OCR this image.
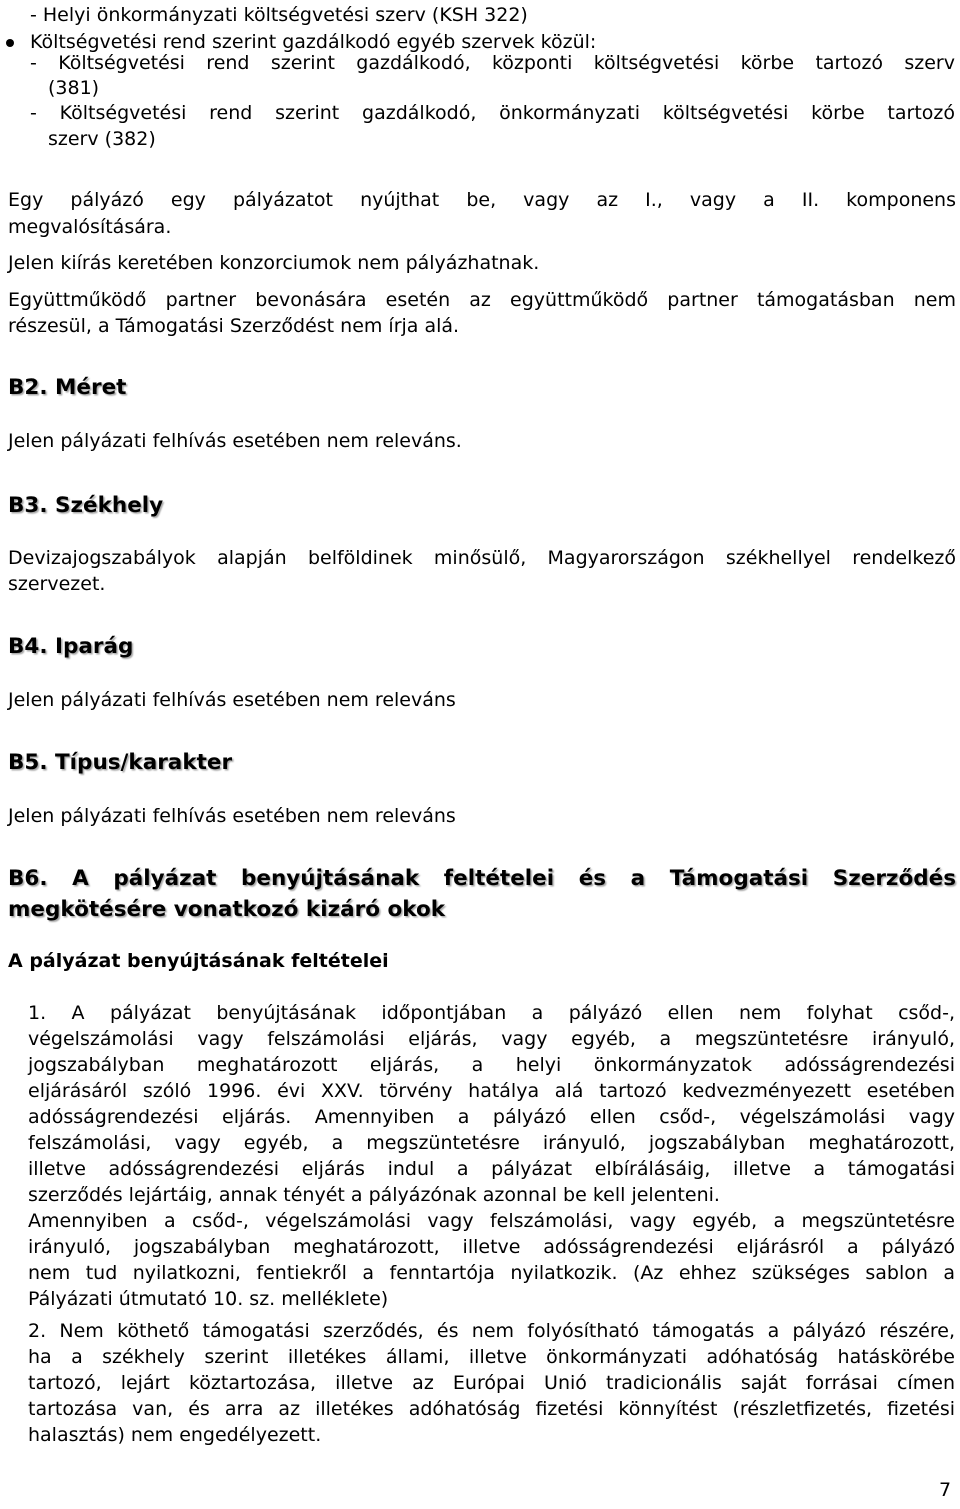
- Helyi önkormányzati költségvetési szerv (KSH 322)
Költségvetési rend szerint gazdálkodó egyéb szervek közül:
- Költségvetési rend szerint gazdálkodó, központi költségvetési körbe tartozó szerv
(381)
- Költségvetési rend szerint gazdálkodó, önkormányzati költségvetési körbe tartozó
szerv (382)
Egy pályázó egy pályázatot nyújthat be, vagy az I., vagy a II. komponens
megvalósítására.
Jelen kiírás keretében konzorciumok nem pályázhatnak.
Együttműködő partner bevonására esetén az együttműködő partner támogatásban nem
részesül, a Támogatási Szerződést nem írja alá.
B2. Méret
Jelen pályázati felhívás esetében nem releváns.
B3. Székhely
Devizajogszabályok alapján belföldinek minősülő, Magyarországon székhellyel rendelkező
szervezet.
B4. Iparág
Jelen pályázati felhívás esetében nem releváns
B5. Típus/karakter
Jelen pályázati felhívás esetében nem releváns
B6. A pályázat benyújtásának feltételei és a Támogatási Szerződés
megkötésére vonatkozó kizáró okok
A pályázat benyújtásának feltételei
1. A pályázat benyújtásának időpontjában a pályázó ellen nem folyhat csőd-,
végelszámolási vagy felszámolási eljárás, vagy egyéb, a megszüntetésre irányuló,
jogszabályban meghatározott eljárás, a helyi önkormányzatok adósságrendezési
eljárásáról szóló 1996. évi XXV. törvény hatálya alá tartozó kedvezményezett esetében
adósságrendezési eljárás. Amennyiben a pályázó ellen csőd-, végelszámolási vagy
felszámolási, vagy egyéb, a megszüntetésre irányuló, jogszabályban meghatározott,
illetve adósságrendezési eljárás indul a pályázat elbírálásáig, illetve a támogatási
szerződés lejártáig, annak tényét a pályázónak azonnal be kell jelenteni.
Amennyiben a csőd-, végelszámolási vagy felszámolási, vagy egyéb, a megszüntetésre
irányuló, jogszabályban meghatározott, illetve adósságrendezési eljárásról a pályázó
nem tud nyilatkozni, fentiekről a fenntartója nyilatkozik. (Az ehhez szükséges sablon a
Pályázati útmutató 10. sz. melléklete)
2. Nem köthető támogatási szerződés, és nem folyósítható támogatás a pályázó részére,
ha a székhely szerint illetékes állami, illetve önkormányzati adóhatóság hatáskörébe
tartozó, lejárt köztartozása, illetve az Európai Unió tradicionális saját forrásai címen
tartozása van, és arra az illetékes adóhatóság fizetési könnyítést (részletfizetés, fizetési
halasztás) nem engedélyezett.
7
